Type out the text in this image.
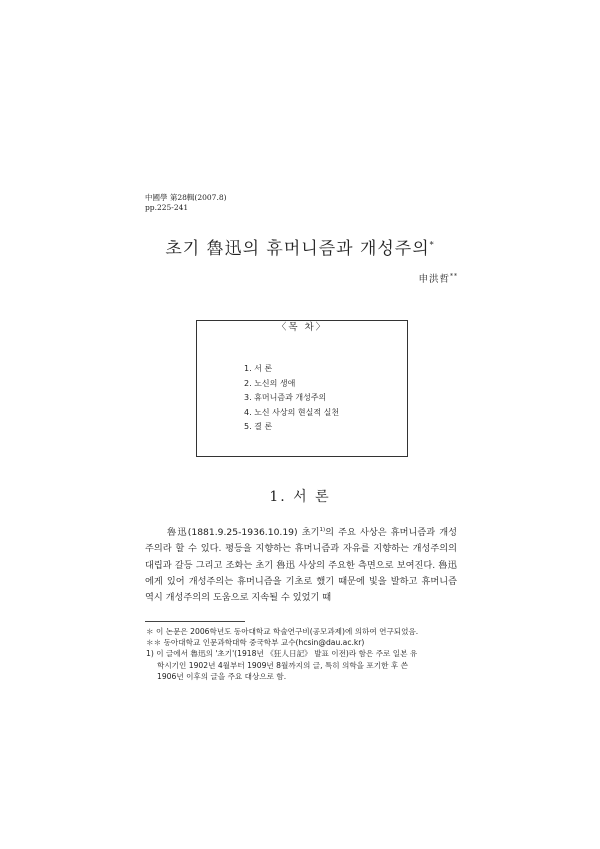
中國學 第28輯(2007.8)
pp.225-241
초기 魯迅의 휴머니즘과 개성주의*
申洪哲**
〈목 차〉
1. 서 론
2. 노신의 생애
3. 휴머니즘과 개성주의
4. 노신 사상의 현실적 실천
5. 결 론
1. 서 론

魯迅(1881.9.25-1936.10.19) 초기$^{1)}$의 주요 사상은 휴머니즘과 개성주의라 할 수 있다. 평등을 지향하는 휴머니즘과 자유를 지향하는 개성주의의 대립과 갈등 그리고 조화는 초기 魯迅 사상의 주요한 측면으로 보여진다. 魯迅에게 있어 개성주의는 휴머니즘을 기초로 했기 때문에 빛을 발하고 휴머니즘 역시 개성주의의 도움으로 지속될 수 있었기 때

＊ 이 논문은 2006학년도 동아대학교 학술연구비(공모과제)에 의하여 연구되었음.

＊＊ 동아대학교 인문과학대학 중국학부 교수(hcsin@dau.ac.kr)

1) 이 글에서 魯迅의 '초기'(1918년 《狂人日記》 발표 이전)라 함은 주로 일본 유

학시기인 1902년 4월부터 1909년 8월까지의 글, 특히 의학을 포기한 후 쓴

1906년 이후의 글을 주요 대상으로 함.
